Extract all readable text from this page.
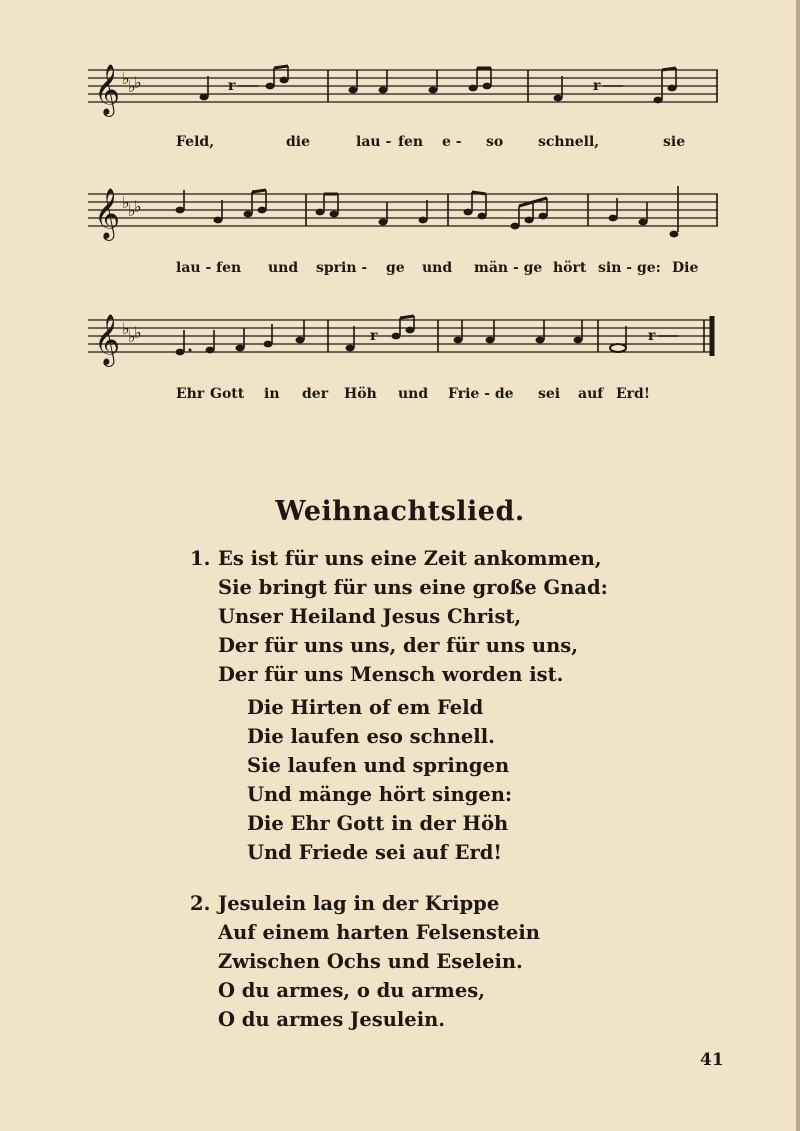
𝄞 ♭
♭
♭	r	r
Feld,	die	lau - fen e - so schnell,	sie
𝄞 ♭
♭
♭
lau - fen und sprin - ge und män - ge hört sin - ge: Die
𝄞 ♭
♭
♭	r	r
Ehr Gott in der Höh und Frie - de sei auf Erd!
Weihnachtslied.
1. Es ist für uns eine Zeit ankommen,
Sie bringt für uns eine große Gnad:
Unser Heiland Jesus Christ,
Der für uns uns, der für uns uns,
Der für uns Mensch worden ist.
Die Hirten of em Feld
Die laufen eso schnell.
Sie laufen und springen
Und mänge hört singen:
Die Ehr Gott in der Höh
Und Friede sei auf Erd!
2. Jesulein lag in der Krippe
Auf einem harten Felsenstein
Zwischen Ochs und Eselein.
O du armes, o du armes,
O du armes Jesulein.
41
